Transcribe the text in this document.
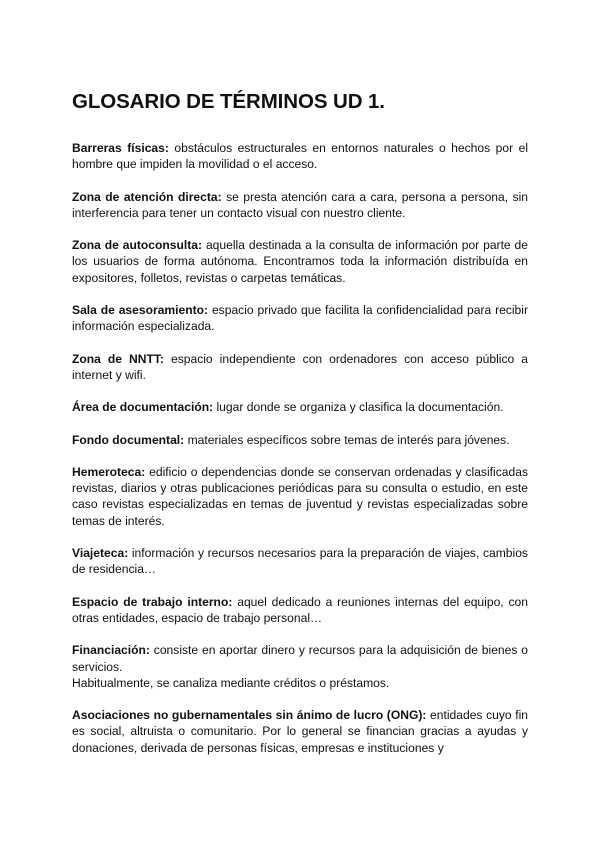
GLOSARIO DE TÉRMINOS UD 1.

Barreras físicas: obstáculos estructurales en entornos naturales o hechos por el hombre que impiden la movilidad o el acceso.

Zona de atención directa: se presta atención cara a cara, persona a persona, sin interferencia para tener un contacto visual con nuestro cliente.

Zona de autoconsulta: aquella destinada a la consulta de información por parte de los usuarios de forma autónoma. Encontramos toda la información distribuída en expositores, folletos, revistas o carpetas temáticas.

Sala de asesoramiento: espacio privado que facilita la confidencialidad para recibir información especializada.

Zona de NNTT: espacio independiente con ordenadores con acceso público a internet y wifi.

Área de documentación: lugar donde se organiza y clasifica la documentación.

Fondo documental: materiales específicos sobre temas de interés para jóvenes.

Hemeroteca: edificio o dependencias donde se conservan ordenadas y clasificadas revistas, diarios y otras publicaciones periódicas para su consulta o estudio, en este caso revistas especializadas en temas de juventud y revistas especializadas sobre temas de interés.

Viajeteca: información y recursos necesarios para la preparación de viajes, cambios de residencia…

Espacio de trabajo interno: aquel dedicado a reuniones internas del equipo, con otras entidades, espacio de trabajo personal…

Financiación: consiste en aportar dinero y recursos para la adquisición de bienes o servicios.
Habitualmente, se canaliza mediante créditos o préstamos.

Asociaciones no gubernamentales sin ánimo de lucro (ONG): entidades cuyo fin es social, altruista o comunitario. Por lo general se financian gracias a ayudas y donaciones, derivada de personas físicas, empresas e instituciones y
